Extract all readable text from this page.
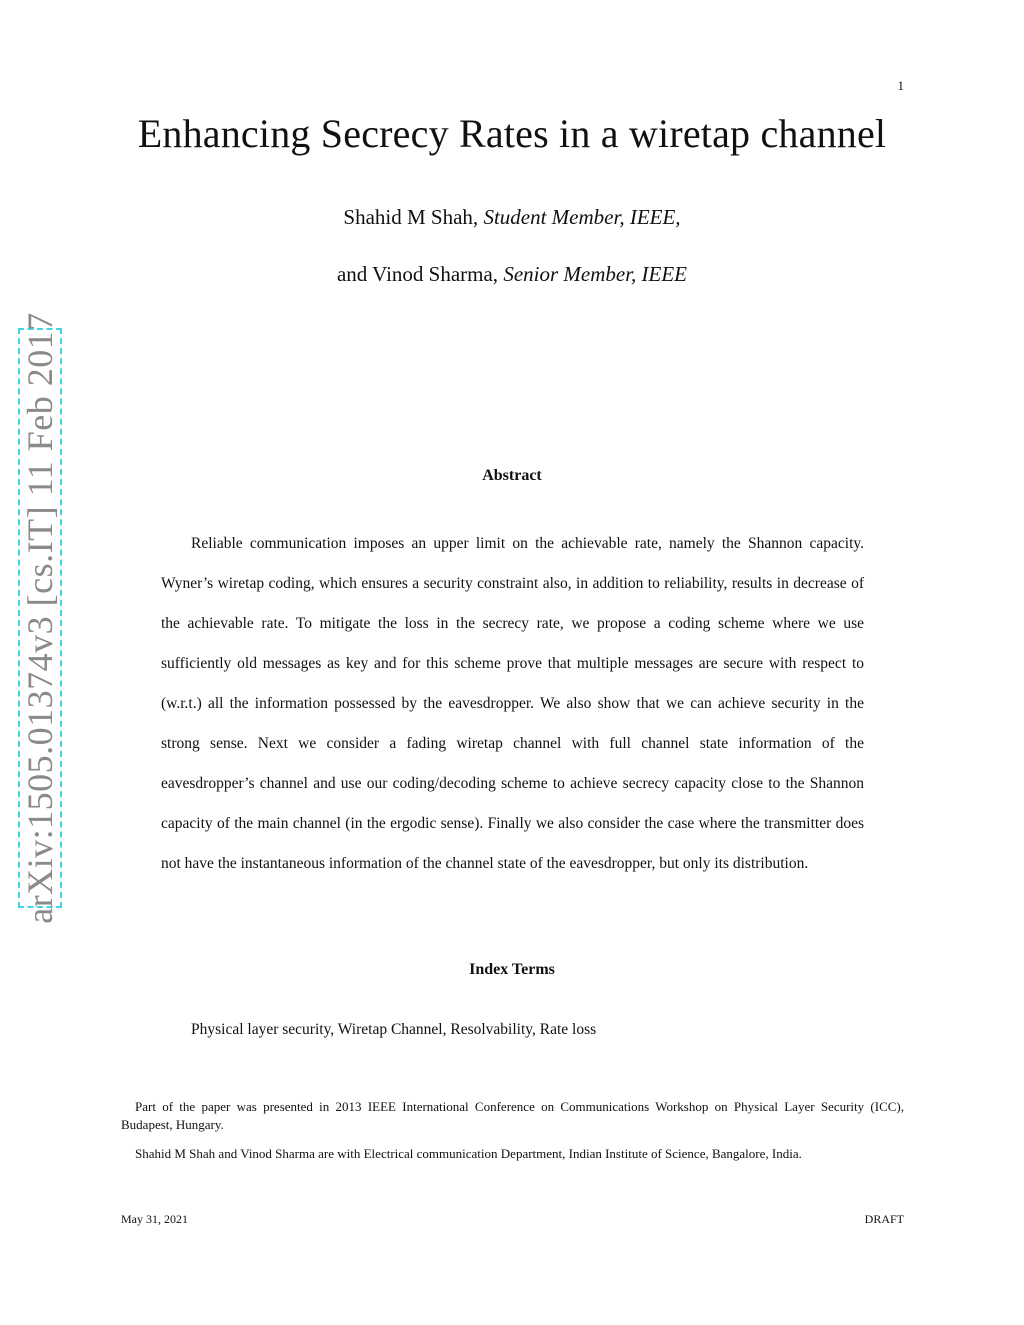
1
Enhancing Secrecy Rates in a wiretap channel
Shahid M Shah, Student Member, IEEE,
and Vinod Sharma, Senior Member, IEEE
arXiv:1505.01374v3 [cs.IT] 11 Feb 2017	Abstract

Reliable communication imposes an upper limit on the achievable rate, namely the Shannon capacity. Wyner’s wiretap coding, which ensures a security constraint also, in addition to reliability, results in decrease of the achievable rate. To mitigate the loss in the secrecy rate, we propose a coding scheme where we use sufficiently old messages as key and for this scheme prove that multiple messages are secure with respect to (w.r.t.) all the information possessed by the eavesdropper. We also show that we can achieve security in the strong sense. Next we consider a fading wiretap channel with full channel state information of the eavesdropper’s channel and use our coding/decoding scheme to achieve secrecy capacity close to the Shannon capacity of the main channel (in the ergodic sense). Finally we also consider the case where the transmitter does not have the instantaneous information of the channel state of the eavesdropper, but only its distribution.

Index Terms
Physical layer security, Wiretap Channel, Resolvability, Rate loss

Part of the paper was presented in 2013 IEEE International Conference on Communications Workshop on Physical Layer Security (ICC), Budapest, Hungary.

Shahid M Shah and Vinod Sharma are with Electrical communication Department, Indian Institute of Science, Bangalore, India.

May 31, 2021	DRAFT
